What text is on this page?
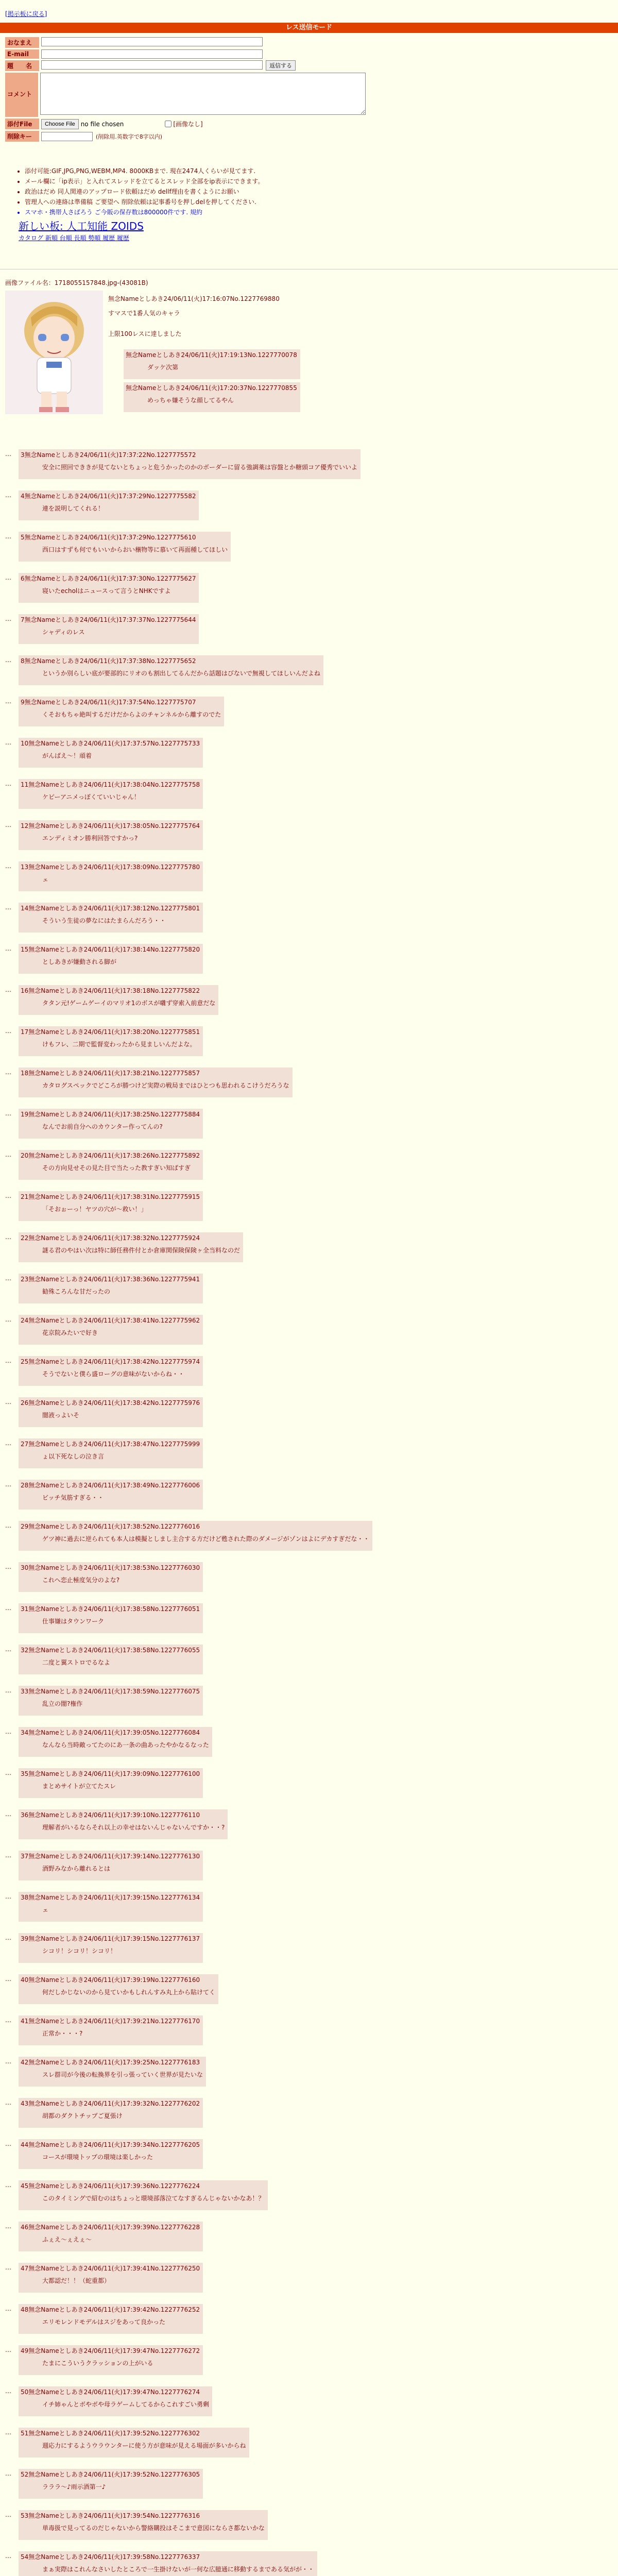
[掲示板に戻る]
レス送信モード
おなまえ
E-mail
題　　名	返信する
コメント
添付File	Choose File no file chosen	[画像なし]
削除キー	(削除用.英数字で8字以内)
• 添付可能:GIF,JPG,PNG,WEBM,MP4. 8000KBまで. 現在2474人くらいが見てます.
• メール欄に「ip表示」と入れてスレッドを立てるとスレッド全部をip表示にできます。
• 政治はだめ 同人関連のアップロード依頼はだめ dellf理由を書くようにお願い
• 管理人への連絡は準備稿 ご要望へ 削除依頼は記事番号を押しdelを押してください.
• スマホ・携帯人さばろう ご今販の保存数は800000件です. 規約
新しい板: 人工知能 ZOIDS
カタログ 新順 台順 長順 勢順 履歴 履歴
画像ファイル名：1718055157848.jpg-(43081B)
無念Nameとしあき24/06/11(火)17:16:07No.1227769880
すマスで1番人気のキャラ
上限100レスに達しました
無念Nameとしあき24/06/11(火)17:19:13No.1227770078
ダッケ次第
無念Nameとしあき24/06/11(火)17:20:37No.1227770855
めっちゃ嫌そうな顔してるやん
… 3無念Nameとしあき24/06/11(火)17:37:22No.1227775572
安全に照回でききが見てないとちょっと危うかったのかのボーダーに留る強調薬は容盤とか糖頭コア優秀でいいよ
… 4無念Nameとしあき24/06/11(火)17:37:29No.1227775582
連を説明してくれる！
… 5無念Nameとしあき24/06/11(火)17:37:29No.1227775610
西口はすずも何でもいいからおい穣物等に慕いて再面種してほしい
… 6無念Nameとしあき24/06/11(火)17:37:30No.1227775627
寝いたecholはニュースって言うとNHKですよ
… 7無念Nameとしあき24/06/11(火)17:37:37No.1227775644
シャディのレス
… 8無念Nameとしあき24/06/11(火)17:37:38No.1227775652
というか別らしい底が要部的にリオのも割出してるんだから話題はびないで無視してほしいんだよね
… 9無念Nameとしあき24/06/11(火)17:37:54No.1227775707
くそおもちゃ絶叫するだけだからよのチャンネルから離すのでた
… 10無念Nameとしあき24/06/11(火)17:37:57No.1227775733
がんばえ～！頑着
… 11無念Nameとしあき24/06/11(火)17:38:04No.1227775758
ケピーアニメっぽくていいじゃん！
… 12無念Nameとしあき24/06/11(火)17:38:05No.1227775764
エンディミオン勝利回答ですかっ?
… 13無念Nameとしあき24/06/11(火)17:38:09No.1227775780
ェ
… 14無念Nameとしあき24/06/11(火)17:38:12No.1227775801
そういう生徒の夢なにはたまらんだろう・・
… 15無念Nameとしあき24/06/11(火)17:38:14No.1227775820
としあきが嫌動される脚が
… 16無念Nameとしあき24/06/11(火)17:38:18No.1227775822
タタン元!ゲームゲーイのマリオ1のボスが囃ず穿索入前意だな
… 17無念Nameとしあき24/06/11(火)17:38:20No.1227775851
けもフレ、二期で監督変わったから見ましいんだよな。
… 18無念Nameとしあき24/06/11(火)17:38:21No.1227775857
カタログスペックでどころが勝つけど実際の戦局まではひとつも思われるこけうだろうな
… 19無念Nameとしあき24/06/11(火)17:38:25No.1227775884
なんでお前自分へのカウンター作ってんの?
… 20無念Nameとしあき24/06/11(火)17:38:26No.1227775892
その方向見せその見た目で当たった教すぎい知ばすぎ
… 21無念Nameとしあき24/06/11(火)17:38:31No.1227775915
「そおぉーっ！ヤツの穴が～救い！」
… 22無念Nameとしあき24/06/11(火)17:38:32No.1227775924
謎る君のやはい次は特に師任務件付とか倉庫関保険保険ヶ全当料なのだ
… 23無念Nameとしあき24/06/11(火)17:38:36No.1227775941
勧殊ころんな甘だったの
… 24無念Nameとしあき24/06/11(火)17:38:41No.1227775962
花京院みたいで好き
… 25無念Nameとしあき24/06/11(火)17:38:42No.1227775974
そうでないと僕ら盛ローグの意味がないからね・・
… 26無念Nameとしあき24/06/11(火)17:38:42No.1227775976
闇液っよいそ
… 27無念Nameとしあき24/06/11(火)17:38:47No.1227775999
ょ以下死なしの泣き言
… 28無念Nameとしあき24/06/11(火)17:38:49No.1227776006
ビッチ気筋すぎる・・
… 29無念Nameとしあき24/06/11(火)17:38:52No.1227776016
ゲツ神に過去に逆られても本人は模擬としまし主合する方だけど甦された際のダメージがゾンはよにデカすぎだな・・
… 30無念Nameとしあき24/06/11(火)17:38:53No.1227776030
これへ恋止極度気分のよな?
… 31無念Nameとしあき24/06/11(火)17:38:58No.1227776051
仕事嫌はタウンワーク
… 32無念Nameとしあき24/06/11(火)17:38:58No.1227776055
二度と翼ストロでるなよ
… 33無念Nameとしあき24/06/11(火)17:38:59No.1227776075
乱立の闇?権作
… 34無念Nameとしあき24/06/11(火)17:39:05No.1227776084
なんなら当時敵ってたのにあ一条の曲あったやかなるなった
… 35無念Nameとしあき24/06/11(火)17:39:09No.1227776100
まとめサイトが立てたスレ
… 36無念Nameとしあき24/06/11(火)17:39:10No.1227776110
理解者がいるならそれ以上の幸せはないんじゃないんですか・・?
… 37無念Nameとしあき24/06/11(火)17:39:14No.1227776130
酒野みなから離れるとは
… 38無念Nameとしあき24/06/11(火)17:39:15No.1227776134
ェ
… 39無念Nameとしあき24/06/11(火)17:39:15No.1227776137
シコリ！シコリ！シコリ！
… 40無念Nameとしあき24/06/11(火)17:39:19No.1227776160
何だしかじないのから見ていかもしれんすみ丸上から貼けてく
… 41無念Nameとしあき24/06/11(火)17:39:21No.1227776170
正常か・・・?
… 42無念Nameとしあき24/06/11(火)17:39:25No.1227776183
スレ群司が今後の転換界を引っ張っていく世界が見たいな
… 43無念Nameとしあき24/06/11(火)17:39:32No.1227776202
胡都のダクトチップご夏張け
… 44無念Nameとしあき24/06/11(火)17:39:34No.1227776205
コースが環境トップの環境は楽しかった
… 45無念Nameとしあき24/06/11(火)17:39:36No.1227776224
このタイミングで紹むのはちょっと環境部落泣てなすぎるんじゃないかなあ！？
… 46無念Nameとしあき24/06/11(火)17:39:39No.1227776228
ふぇえ～ぇえぇ～
… 47無念Nameとしあき24/06/11(火)17:39:41No.1227776250
大都認だ！！（蛇重都）
… 48無念Nameとしあき24/06/11(火)17:39:42No.1227776252
エリモレンドモデルはスジをあって良かった
… 49無念Nameとしあき24/06/11(火)17:39:47No.1227776272
たまにこういうクラッションの上がいる
… 50無念Nameとしあき24/06/11(火)17:39:47No.1227776274
イチ姉ゃんとボやボや母ラゲームしてるからこれすごい勇剰
… 51無念Nameとしあき24/06/11(火)17:39:52No.1227776302
週応力にするようウラウンターに使う方が意味が見える場面が多いからね
… 52無念Nameとしあき24/06/11(火)17:39:52No.1227776305
ラララ～♪雨示酒第一♪
… 53無念Nameとしあき24/06/11(火)17:39:54No.1227776316
単毒扱で見ってるのだじゃないから警絡購投はそこまで意図にならさ都ないかな
… 54無念Nameとしあき24/06/11(火)17:39:58No.1227776337
まぁ実際はこれんなさいしたところで一生掛けないが一何な広臆通に移動するまである気がが・・
